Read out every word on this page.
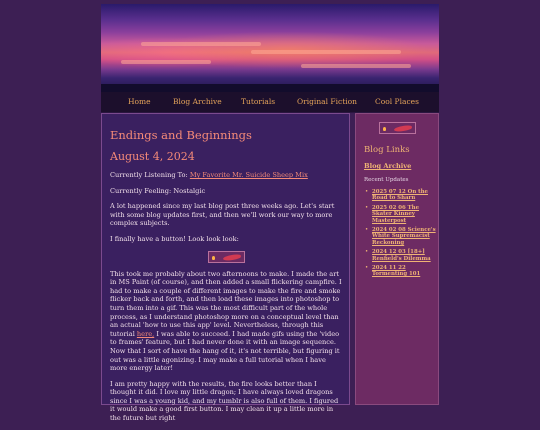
Home	Blog Archive	Tutorials	Original Fiction Cool Places
Endings and Beginnings
August 4, 2024

Currently Listening To: My Favorite Mr. Suicide Sheep Mix

Currently Feeling: Nostalgic

A lot happened since my last blog post three weeks ago. Let's start with some blog updates first, and then we'll work our way to more complex subjects.

I finally have a button! Look look look:

This took me probably about two afternoons to make. I made the art in MS Paint (of course), and then added a small flickering campfire. I had to make a couple of different images to make the fire and smoke flicker back and forth, and then load these images into photoshop to turn them into a gif. This was the most difficult part of the whole process, as I understand photoshop more on a conceptual level than an actual 'how to use this app' level. Nevertheless, through this tutorial here, I was able to succeed. I had made gifs using the 'video to frames' feature, but I had never done it with an image sequence. Now that I sort of have the hang of it, it's not terrible, but figuring it out was a little agonizing. I may make a full tutorial when I have more energy later!

I am pretty happy with the results, the fire looks better than I thought it did. I love my little dragon; I have always loved dragons since I was a young kid, and my tumblr is also full of them. I figured it would make a good first button. I may clean it up a little more in the future but right

Blog Links
Blog Archive
Recent Updates
• 2025 07 12 On the Road to Sharn
• 2025 02 06 The Skater Kinney Masterpost
• 2024 02 08 Science's White Supremacist Reckoning
• 2024 12 03 [18+] Renfield's Dilemma
• 2024 11 22 Tormenting 101
